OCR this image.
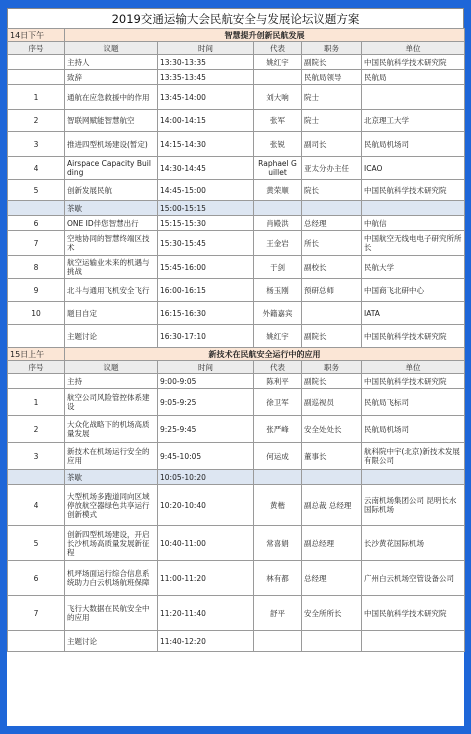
2019交通运输大会民航安全与发展论坛议题方案
14日下午	智慧提升创新民航发展				
序号	议题	时间	代表	职务	单位
	主持人	13:30-13:35	姚红宇	副院长	中国民航科学技术研究院
	致辞	13:35-13:45		民航局领导	民航局
1	通航在应急救援中的作用	13:45-14:00	刘大响	院士	
2	智联网赋能智慧航空	14:00-14:15	张军	院士	北京理工大学
3	推进四型机场建设(暂定)	14:15-14:30	张锐	副司长	民航局机场司
4	Airspace Capacity Building	14:30-14:45	Raphael Guillet	亚太分办主任	ICAO
5	创新发展民航	14:45-15:00	黄荣顺	院长	中国民航科学技术研究院
	茶歇	15:00-15:15			
6	ONE ID伴您智慧出行	15:15-15:30	肖殿洪	总经理	中航信
7	空地协同的智慧终端区技术	15:30-15:45	王金岩	所长	中国航空无线电电子研究所所长
8	航空运输业未来的机遇与挑战	15:45-16:00	于剑	副校长	民航大学
9	北斗与通用飞机安全飞行	16:00-16:15	杨玉刚	预研总师	中国商飞北研中心
10	题目自定	16:15-16:30	外籍嘉宾		IATA
	主题讨论	16:30-17:10	姚红宇	副院长	中国民航科学技术研究院
15日上午	新技术在民航安全运行中的应用				
序号	议题	时间	代表	职务	单位
	主持	9:00-9:05	陈利平	副院长	中国民航科学技术研究院
1	航空公司风险管控体系建设	9:05-9:25	徐卫军	副巡视员	民航局飞标司
2	大众化战略下的机场高质量发展	9:25-9:45	张严峰	安全处处长	民航局机场司
3	新技术在机场运行安全的应用	9:45-10:05	何运成	董事长	航科院中宇(北京)新技术发展有限公司
	茶歇	10:05-10:20			
4	大型机场多跑道同向区域停放航空器绿色共享运行创新模式	10:20-10:40	黄楷	副总裁 总经理	云南机场集团公司 昆明长水国际机场
5	创新四型机场建设，开启长沙机场高质量发展新征程	10:40-11:00	常喜娟	副总经理	长沙黄花国际机场
6	机坪场面运行综合信息系统助力白云机场航班保障	11:00-11:20	林有都	总经理	广州白云机场空管设备公司
7	飞行大数据在民航安全中的应用	11:20-11:40	舒平	安全所所长	中国民航科学技术研究院
	主题讨论	11:40-12:20			
